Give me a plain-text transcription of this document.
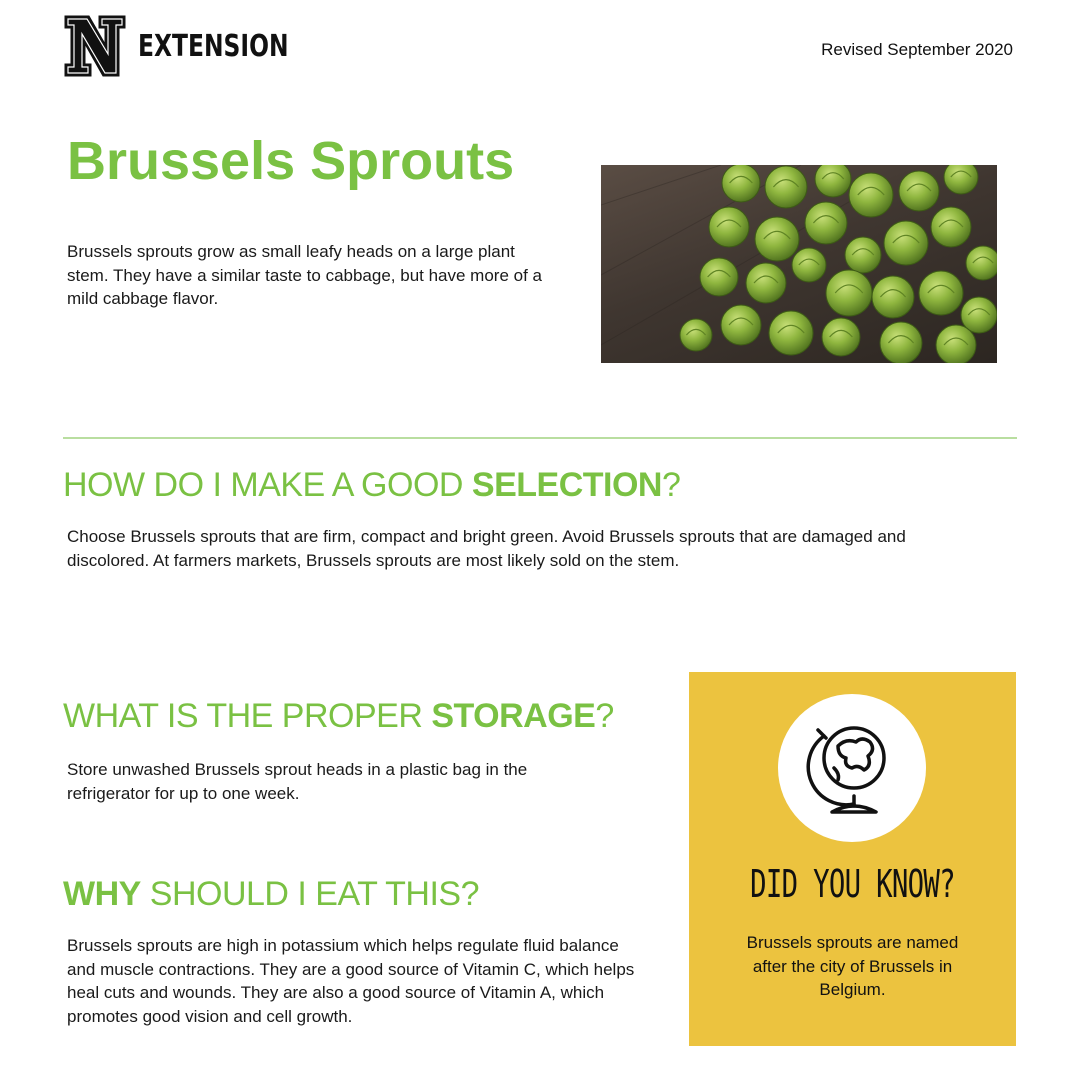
EXTENSION	Revised September 2020
Brussels Sprouts

Brussels sprouts grow as small leafy heads on a large plant stem. They have a similar taste to cabbage, but have more of a mild cabbage flavor.

HOW DO I MAKE A GOOD SELECTION?

Choose Brussels sprouts that are firm, compact and bright green. Avoid Brussels sprouts that are damaged and discolored. At farmers markets, Brussels sprouts are most likely sold on the stem.

WHAT IS THE PROPER STORAGE?

Store unwashed Brussels sprout heads in a plastic bag in the refrigerator for up to one week.

WHY SHOULD I EAT THIS?

Brussels sprouts are high in potassium which helps regulate fluid balance and muscle contractions. They are a good source of Vitamin C, which helps heal cuts and wounds. They are also a good source of Vitamin A, which promotes good vision and cell growth.

DID YOU KNOW?

Brussels sprouts are named after the city of Brussels in Belgium.
